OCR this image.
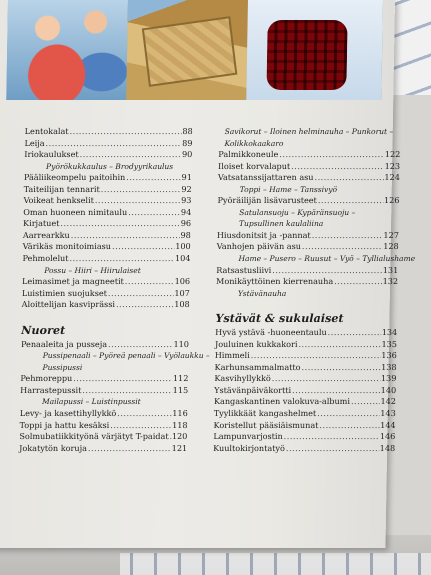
Lentokalat .....	88
Leija .....	89
Iriokaulukset .....	90
Pyörökukkaulus – Brodyyrikaulus
Pääliikeompelu paitoihin .....	91
Taiteilijan tennarit .....	92
Voikeat henkselit .....	93
Oman huoneen nimitaulu .....	94
Kirjatuet .....	96
Aarrearkku .....	98
Värikäs monitoimiasu .....	100
Pehmolelut .....	104
Possu – Hiiri – Hiirulaiset
Leimasimet ja magneetit .....	106
Luistimien suojukset .....	107
Aloittelijan kasviprässi .....	108
Nuoret
Penaaleita ja pusseja .....	110
Pussipenaali – Pyöreä penaali – Vyölaukku –
Pussipussi
Pehmoreppu .....	112
Harrastepussit .....	115
Mailapussi – Luistinpussit
Levy- ja kasettihyllykkö .....	116
Toppi ja hattu kesäksi .....	118
Solmubatiikkityönä värjätyt T-paidat ..... 120
Jokatytön koruja .....	121
Savikorut – Iloinen helminauha – Punkorut –
Kolikkokaakaro
Palmikkoneule .....	122
Iloiset korvalaput .....	123
Vatsatanssijattaren asu .....	124
Toppi – Hame – Tanssivyö
Pyöräilijän lisävarusteet .....	126
Satulansuoju – Kypäränsuoju –
Tupsullinen kaulaliina
Hiusdonitsit ja -pannat .....	127
Vanhojen päivän asu .....	128
Hame – Pusero – Ruusut – Vyö – Tyllialushame
Ratsastusliivi .....	131
Monikäyttöinen kierrenauha .....	132
Ystävänauha
Ystävät & sukulaiset
Hyvä ystävä -huoneentaulu .....	134
Jouluinen kukkakori .....	135
Himmeli .....	136
Karhunsammalmatto .....	138
Kasvihyllykkö .....	139
Ystävänpäiväkortti .....	140
Kangaskantinen valokuva-albumi .....	142
Tyylikkäät kangashelmet .....	143
Koristellut pääsiäismunat .....	144
Lampunvarjostin .....	146
Kuultokirjontatyö .....	148
